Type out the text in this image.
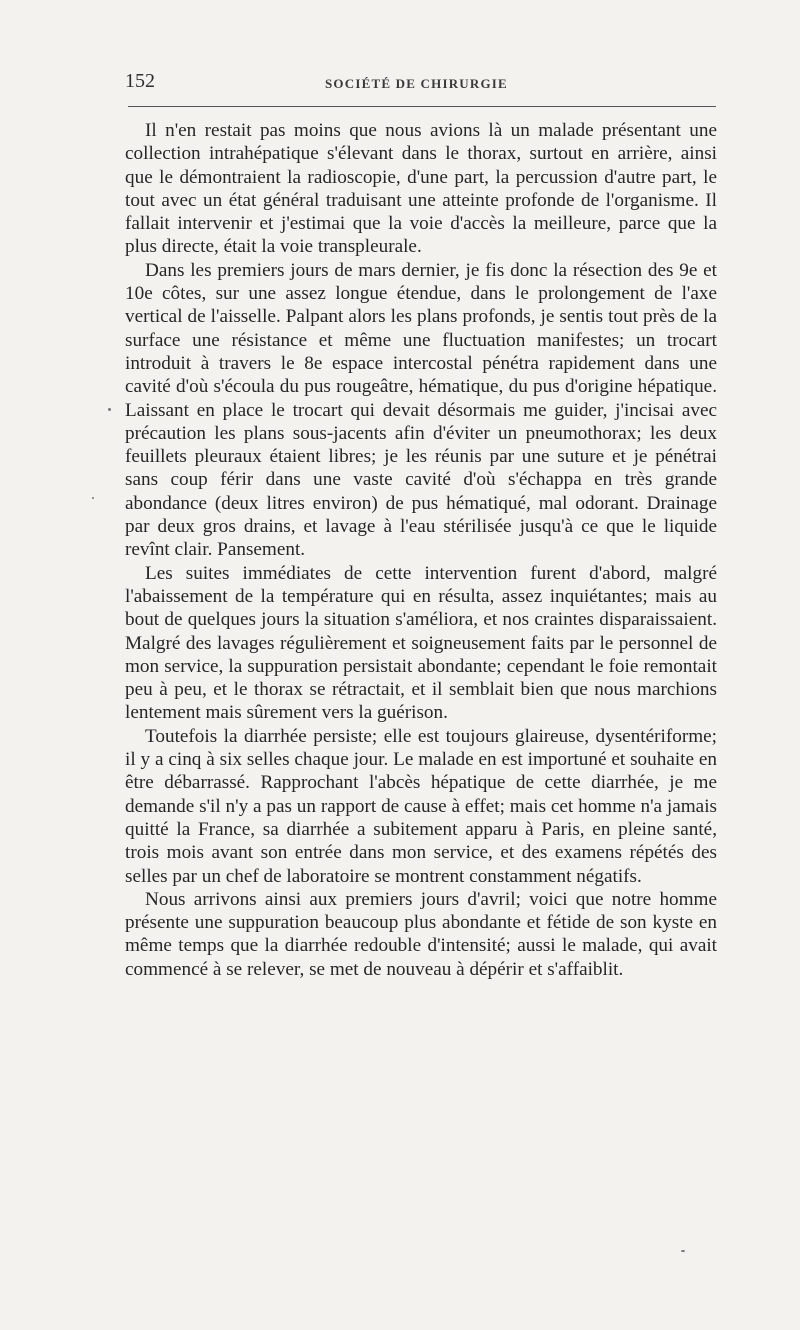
152	SOCIÉTÉ DE CHIRURGIE

Il n'en restait pas moins que nous avions là un malade présentant une collection intrahépatique s'élevant dans le thorax, surtout en arrière, ainsi que le démontraient la radioscopie, d'une part, la percussion d'autre part, le tout avec un état général traduisant une atteinte profonde de l'organisme. Il fallait intervenir et j'estimai que la voie d'accès la meilleure, parce que la plus directe, était la voie transpleurale.

Dans les premiers jours de mars dernier, je fis donc la résection des 9e et 10e côtes, sur une assez longue étendue, dans le prolongement de l'axe vertical de l'aisselle. Palpant alors les plans profonds, je sentis tout près de la surface une résistance et même une fluctuation manifestes; un trocart introduit à travers le 8e espace intercostal pénétra rapidement dans une cavité d'où s'écoula du pus rougeâtre, hématique, du pus d'origine hépatique. Laissant en place le trocart qui devait désormais me guider, j'incisai avec précaution les plans sous-jacents afin d'éviter un pneumothorax; les deux feuillets pleuraux étaient libres; je les réunis par une suture et je pénétrai sans coup férir dans une vaste cavité d'où s'échappa en très grande abondance (deux litres environ) de pus hématiqué, mal odorant. Drainage par deux gros drains, et lavage à l'eau stérilisée jusqu'à ce que le liquide revînt clair. Pansement.

Les suites immédiates de cette intervention furent d'abord, malgré l'abaissement de la température qui en résulta, assez inquiétantes; mais au bout de quelques jours la situation s'améliora, et nos craintes disparaissaient. Malgré des lavages régulièrement et soigneusement faits par le personnel de mon service, la suppuration persistait abondante; cependant le foie remontait peu à peu, et le thorax se rétractait, et il semblait bien que nous marchions lentement mais sûrement vers la guérison.

Toutefois la diarrhée persiste; elle est toujours glaireuse, dysentériforme; il y a cinq à six selles chaque jour. Le malade en est importuné et souhaite en être débarrassé. Rapprochant l'abcès hépatique de cette diarrhée, je me demande s'il n'y a pas un rapport de cause à effet; mais cet homme n'a jamais quitté la France, sa diarrhée a subitement apparu à Paris, en pleine santé, trois mois avant son entrée dans mon service, et des examens répétés des selles par un chef de laboratoire se montrent constamment négatifs.

Nous arrivons ainsi aux premiers jours d'avril; voici que notre homme présente une suppuration beaucoup plus abondante et fétide de son kyste en même temps que la diarrhée redouble d'intensité; aussi le malade, qui avait commencé à se relever, se met de nouveau à dépérir et s'affaiblit.
